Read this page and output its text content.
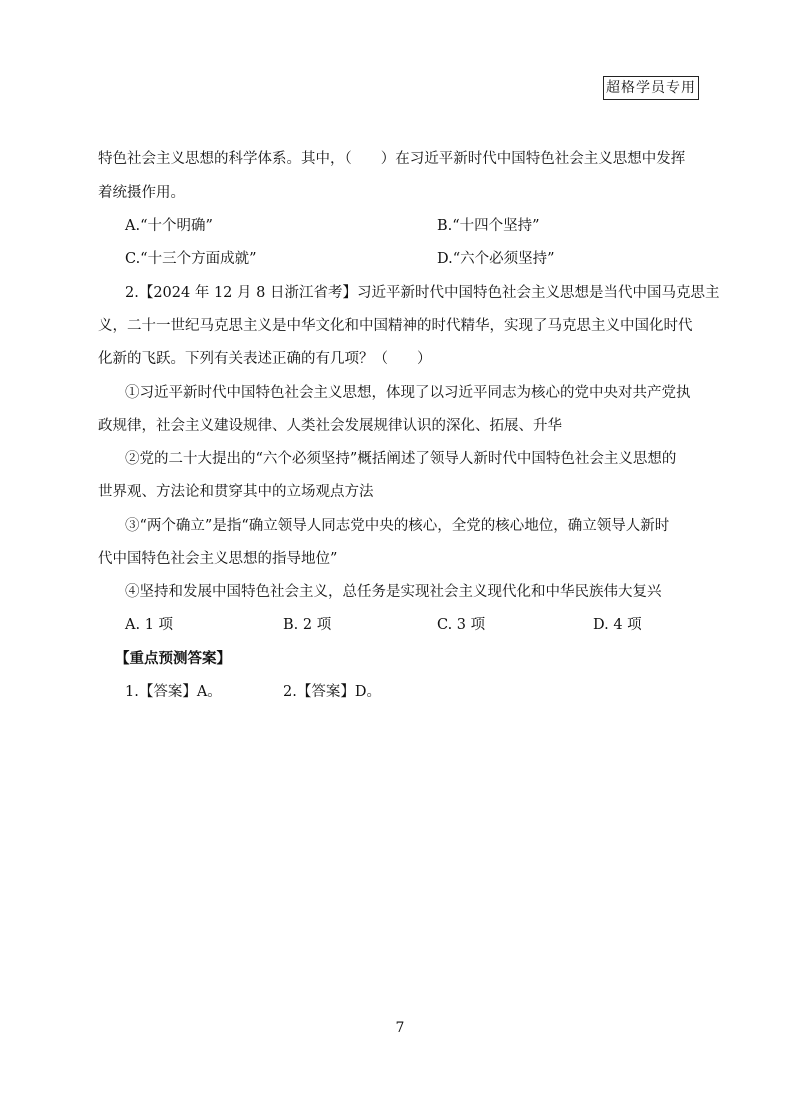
超格学员专用
特色社会主义思想的科学体系。其中，（　　）在习近平新时代中国特色社会主义思想中发挥
着统摄作用。
A.“十个明确”	B.“十四个坚持”
C.“十三个方面成就”	D.“六个必须坚持”
2.【2024 年 12 月 8 日浙江省考】习近平新时代中国特色社会主义思想是当代中国马克思主
义，二十一世纪马克思主义是中华文化和中国精神的时代精华，实现了马克思主义中国化时代
化新的飞跃。下列有关表述正确的有几项？（　　）
①习近平新时代中国特色社会主义思想，体现了以习近平同志为核心的党中央对共产党执
政规律，社会主义建设规律、人类社会发展规律认识的深化、拓展、升华
②党的二十大提出的“六个必须坚持”概括阐述了领导人新时代中国特色社会主义思想的
世界观、方法论和贯穿其中的立场观点方法
③“两个确立”是指“确立领导人同志党中央的核心，全党的核心地位，确立领导人新时
代中国特色社会主义思想的指导地位”
④坚持和发展中国特色社会主义，总任务是实现社会主义现代化和中华民族伟大复兴
A. 1 项	B. 2 项	C. 3 项	D. 4 项
【重点预测答案】
1.【答案】A。	2.【答案】D。
7
